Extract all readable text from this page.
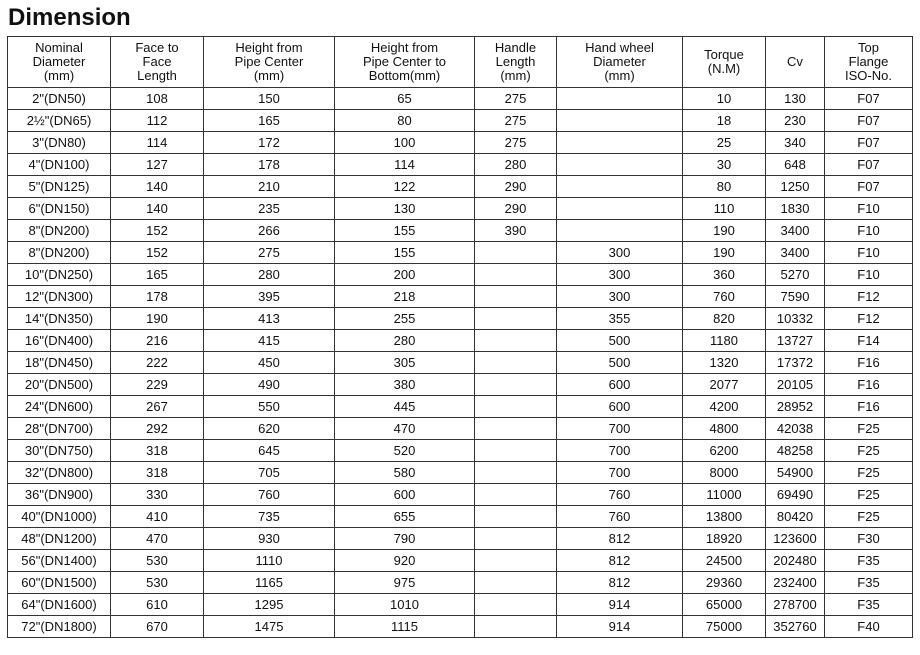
Dimension
Nominal
Diameter
(mm)	Face to
Face
Length	Height from
Pipe Center
(mm)	Height from
Pipe Center to
Bottom(mm)	Handle
Length
(mm)	Hand wheel
Diameter
(mm)	Torque
(N.M)	Cv	Top
Flange
ISO-No.

2"(DN50)	108	150	65	275		10	130	F07
2½"(DN65)	112	165	80	275		18	230	F07
3"(DN80)	114	172	100	275		25	340	F07
4"(DN100)	127	178	114	280		30	648	F07
5"(DN125)	140	210	122	290		80	1250	F07
6"(DN150)	140	235	130	290		110	1830	F10
8"(DN200)	152	266	155	390		190	3400	F10
8"(DN200)	152	275	155		300	190	3400	F10
10"(DN250)	165	280	200		300	360	5270	F10
12"(DN300)	178	395	218		300	760	7590	F12
14"(DN350)	190	413	255		355	820	10332	F12
16"(DN400)	216	415	280		500	1180	13727	F14
18"(DN450)	222	450	305		500	1320	17372	F16
20"(DN500)	229	490	380		600	2077	20105	F16
24"(DN600)	267	550	445		600	4200	28952	F16
28"(DN700)	292	620	470		700	4800	42038	F25
30"(DN750)	318	645	520		700	6200	48258	F25
32"(DN800)	318	705	580		700	8000	54900	F25
36"(DN900)	330	760	600		760	11000	69490	F25
40"(DN1000)	410	735	655		760	13800	80420	F25
48"(DN1200)	470	930	790		812	18920	123600	F30
56"(DN1400)	530	1110	920		812	24500	202480	F35
60"(DN1500)	530	1165	975		812	29360	232400	F35
64"(DN1600)	610	1295	1010		914	65000	278700	F35
72"(DN1800)	670	1475	1115		914	75000	352760	F40
